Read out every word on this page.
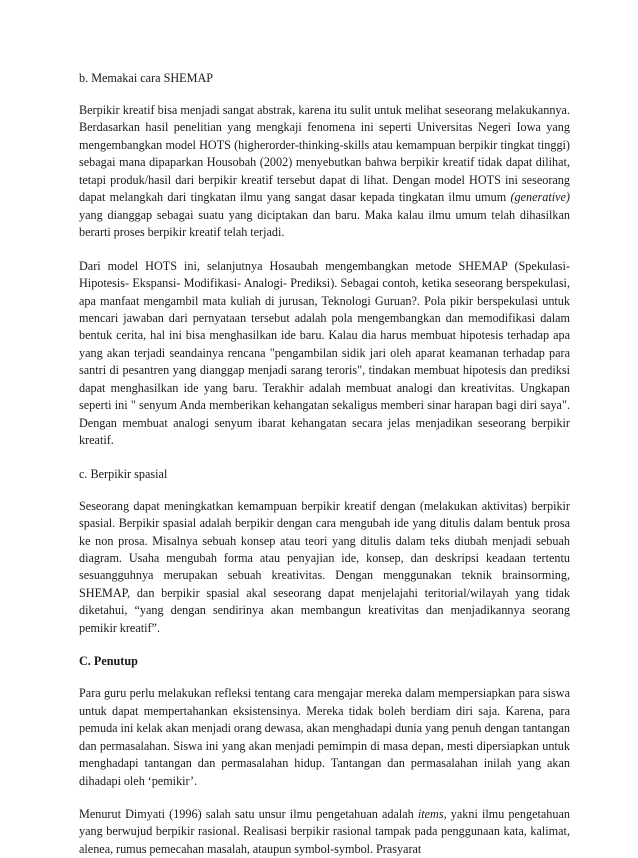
b. Memakai cara SHEMAP

Berpikir kreatif bisa menjadi sangat abstrak, karena itu sulit untuk melihat seseorang melakukannya. Berdasarkan hasil penelitian yang mengkaji fenomena ini seperti Universitas Negeri Iowa yang mengembangkan model HOTS (higherorder-thinking-skills atau kemampuan berpikir tingkat tinggi) sebagai mana dipaparkan Housobah (2002) menyebutkan bahwa berpikir kreatif tidak dapat dilihat, tetapi produk/hasil dari berpikir kreatif tersebut dapat di lihat. Dengan model HOTS ini seseorang dapat melangkah dari tingkatan ilmu yang sangat dasar kepada tingkatan ilmu umum (generative) yang dianggap sebagai suatu yang diciptakan dan baru. Maka kalau ilmu umum telah dihasilkan berarti proses berpikir kreatif telah terjadi.

Dari model HOTS ini, selanjutnya Hosaubah mengembangkan metode SHEMAP (Spekulasi-Hipotesis- Ekspansi- Modifikasi- Analogi- Prediksi). Sebagai contoh, ketika seseorang berspekulasi, apa manfaat mengambil mata kuliah di jurusan, Teknologi Guruan?. Pola pikir berspekulasi untuk mencari jawaban dari pernyataan tersebut adalah pola mengembangkan dan memodifikasi dalam bentuk cerita, hal ini bisa menghasilkan ide baru. Kalau dia harus membuat hipotesis terhadap apa yang akan terjadi seandainya rencana "pengambilan sidik jari oleh aparat keamanan terhadap para santri di pesantren yang dianggap menjadi sarang teroris", tindakan membuat hipotesis dan prediksi dapat menghasilkan ide yang baru. Terakhir adalah membuat analogi dan kreativitas. Ungkapan seperti ini " senyum Anda memberikan kehangatan sekaligus memberi sinar harapan bagi diri saya". Dengan membuat analogi senyum ibarat kehangatan secara jelas menjadikan seseorang berpikir kreatif.

c. Berpikir spasial

Seseorang dapat meningkatkan kemampuan berpikir kreatif dengan (melakukan aktivitas) berpikir spasial. Berpikir spasial adalah berpikir dengan cara mengubah ide yang ditulis dalam bentuk prosa ke non prosa. Misalnya sebuah konsep atau teori yang ditulis dalam teks diubah menjadi sebuah diagram. Usaha mengubah forma atau penyajian ide, konsep, dan deskripsi keadaan tertentu sesuangguhnya merupakan sebuah kreativitas. Dengan menggunakan teknik brainsorming, SHEMAP, dan berpikir spasial akal seseorang dapat menjelajahi teritorial/wilayah yang tidak diketahui, “yang dengan sendirinya akan membangun kreativitas dan menjadikannya seorang pemikir kreatif”.

C. Penutup

Para guru perlu melakukan refleksi tentang cara mengajar mereka dalam mempersiapkan para siswa untuk dapat mempertahankan eksistensinya. Mereka tidak boleh berdiam diri saja. Karena, para pemuda ini kelak akan menjadi orang dewasa, akan menghadapi dunia yang penuh dengan tantangan dan permasalahan. Siswa ini yang akan menjadi pemimpin di masa depan, mesti dipersiapkan untuk menghadapi tantangan dan permasalahan hidup. Tantangan dan permasalahan inilah yang akan dihadapi oleh ‘pemikir’.

Menurut Dimyati (1996) salah satu unsur ilmu pengetahuan adalah items, yakni ilmu pengetahuan yang berwujud berpikir rasional. Realisasi berpikir rasional tampak pada penggunaan kata, kalimat, alenea, rumus pemecahan masalah, ataupun symbol-symbol. Prasyarat
